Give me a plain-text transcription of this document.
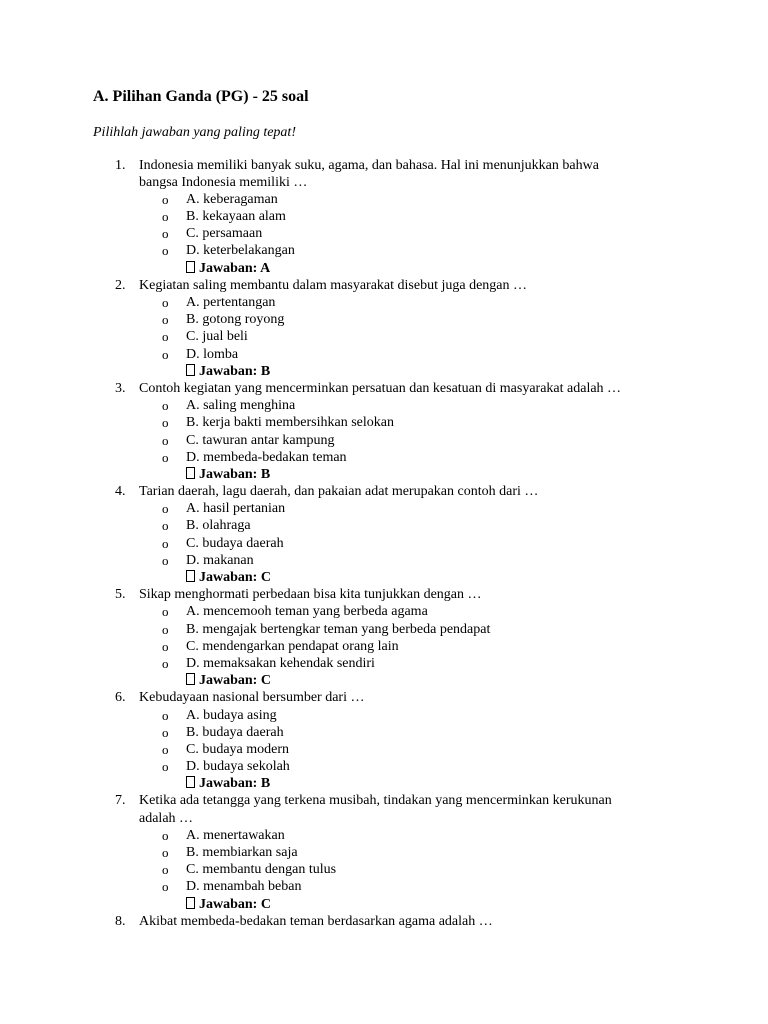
A. Pilihan Ganda (PG) - 25 soal
Pilihlah jawaban yang paling tepat!
1. Indonesia memiliki banyak suku, agama, dan bahasa. Hal ini menunjukkan bahwa
bangsa Indonesia memiliki …
o A. keberagaman
o B. kekayaan alam
o C. persamaan
o D. keterbelakangan
Jawaban: A
2. Kegiatan saling membantu dalam masyarakat disebut juga dengan …
o A. pertentangan
o B. gotong royong
o C. jual beli
o D. lomba
Jawaban: B
3. Contoh kegiatan yang mencerminkan persatuan dan kesatuan di masyarakat adalah …
o A. saling menghina
o B. kerja bakti membersihkan selokan
o C. tawuran antar kampung
o D. membeda-bedakan teman
Jawaban: B
4. Tarian daerah, lagu daerah, dan pakaian adat merupakan contoh dari …
o A. hasil pertanian
o B. olahraga
o C. budaya daerah
o D. makanan
Jawaban: C
5. Sikap menghormati perbedaan bisa kita tunjukkan dengan …
o A. mencemooh teman yang berbeda agama
o B. mengajak bertengkar teman yang berbeda pendapat
o C. mendengarkan pendapat orang lain
o D. memaksakan kehendak sendiri
Jawaban: C
6. Kebudayaan nasional bersumber dari …
o A. budaya asing
o B. budaya daerah
o C. budaya modern
o D. budaya sekolah
Jawaban: B
7. Ketika ada tetangga yang terkena musibah, tindakan yang mencerminkan kerukunan
adalah …
o A. menertawakan
o B. membiarkan saja
o C. membantu dengan tulus
o D. menambah beban
Jawaban: C
8. Akibat membeda-bedakan teman berdasarkan agama adalah …
